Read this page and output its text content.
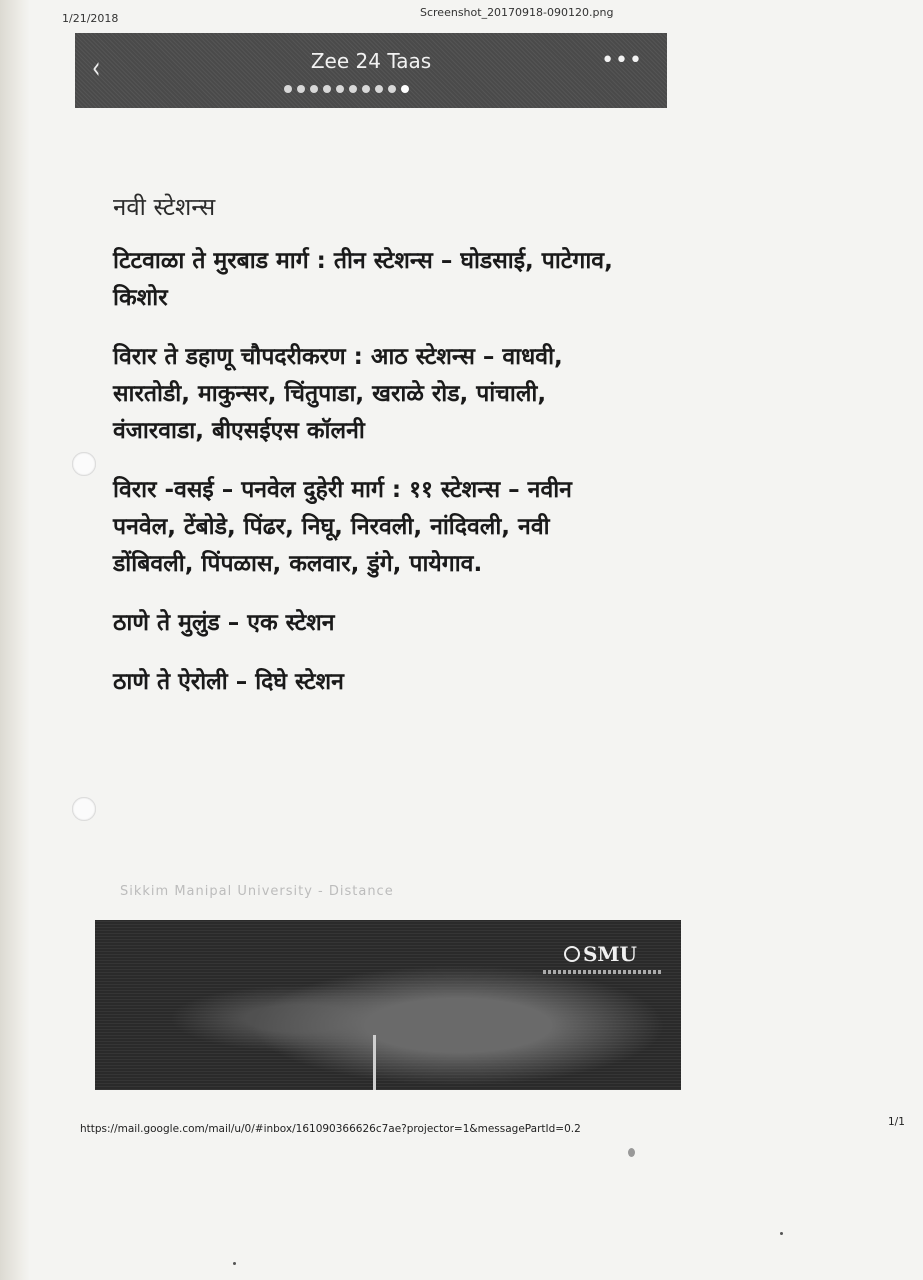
1/21/2018	Screenshot_20170918-090120.png
‹	Zee 24 Taas	•••
नवी स्टेशन्स

टिटवाळा ते मुरबाड मार्ग : तीन स्टेशन्स – घोडसाई, पाटेगाव, किशोर

विरार ते डहाणू चौपदरीकरण : आठ स्टेशन्स – वाधवी, सारतोडी, माकुन्सर, चिंतुपाडा, खराळे रोड, पांचाली, वंजारवाडा, बीएसईएस कॉलनी

विरार -वसई – पनवेल दुहेरी मार्ग : ११ स्टेशन्स – नवीन पनवेल, टेंबोडे, पिंढर, निघू, निरवली, नांदिवली, नवी डोंबिवली, पिंपळास, कलवार, डुंगे, पायेगाव.

ठाणे ते मुलुंड – एक स्टेशन

ठाणे ते ऐरोली – दिघे स्टेशन

Sikkim Manipal University - Distance
SMU
https://mail.google.com/mail/u/0/#inbox/161090366626c7ae?projector=1&messagePartId=0.2
1/1
